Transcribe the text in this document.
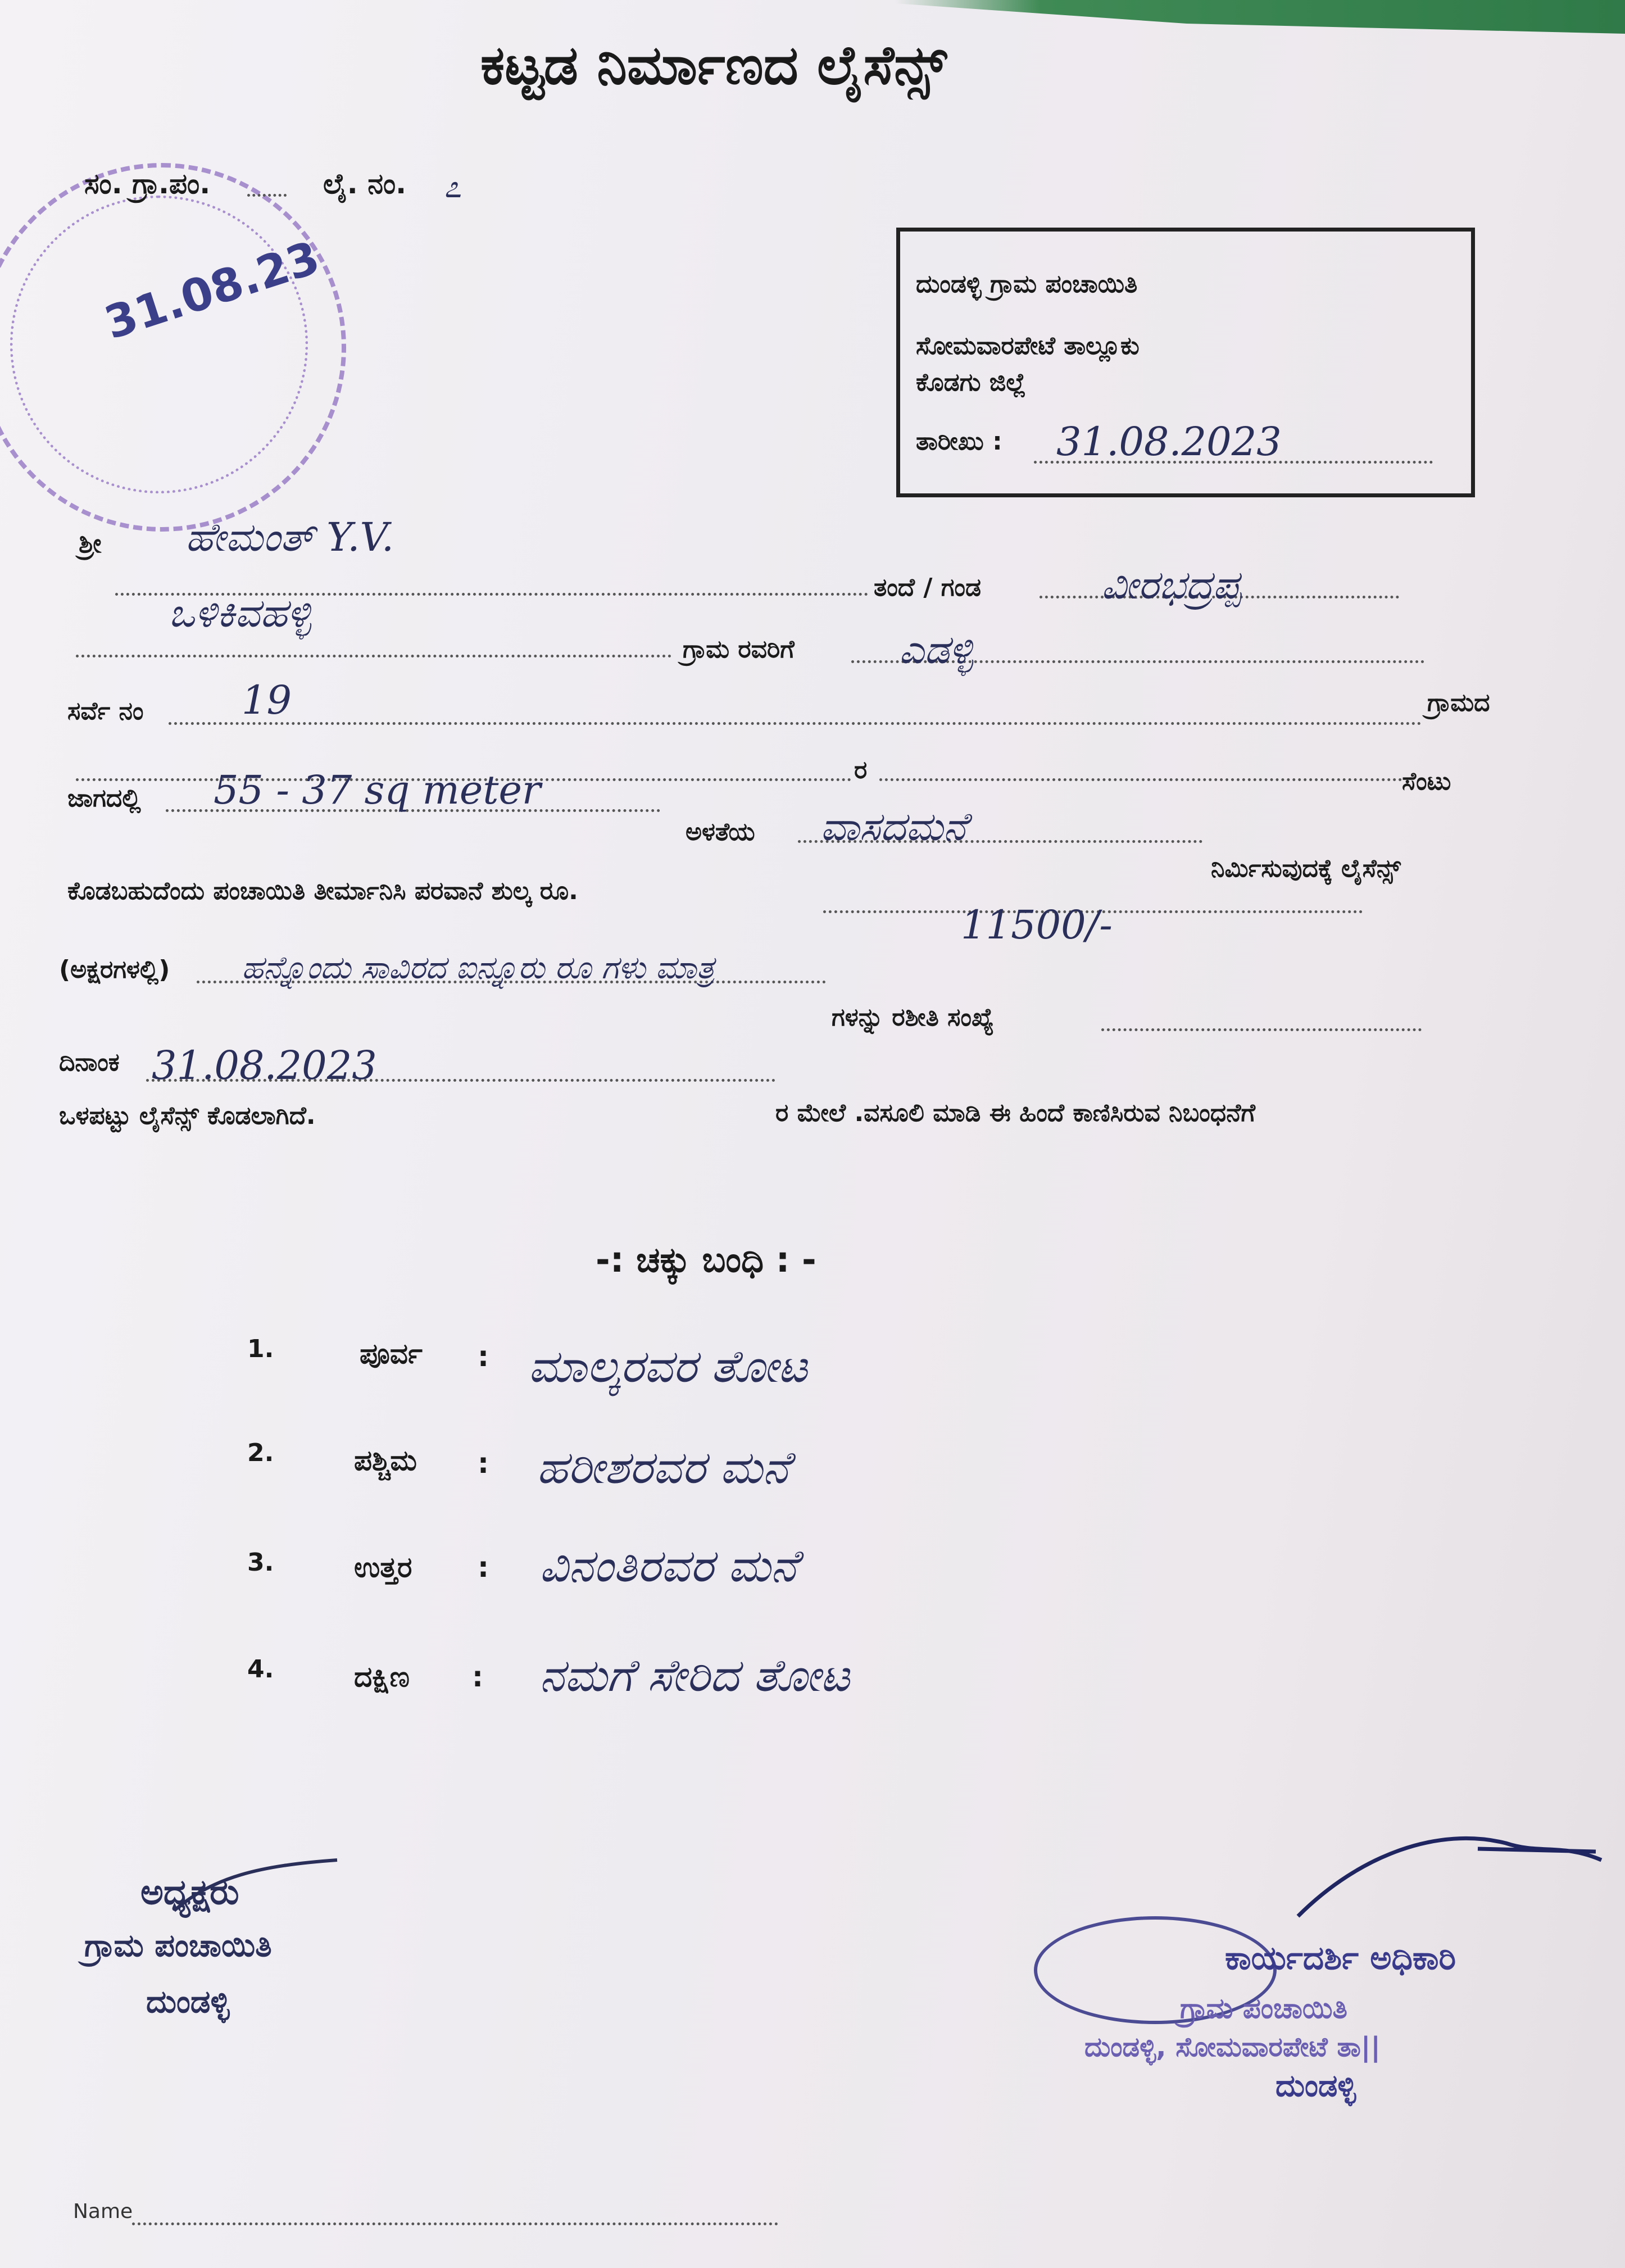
ಕಟ್ಟಡ ನಿರ್ಮಾಣದ ಲೈಸೆನ್ಸ್
31.08.23
ಸಂ. ಗ್ರಾ.ಪಂ.	ಲೈ. ನಂ. ೭
ದುಂಡಳ್ಳಿ ಗ್ರಾಮ ಪಂಚಾಯಿತಿ
ಸೋಮವಾರಪೇಟೆ ತಾಲ್ಲೂಕು
ಕೊಡಗು ಜಿಲ್ಲೆ
ತಾರೀಖು : 31.08.2023
ಶ್ರೀ ಹೇಮಂತ್ Y.V.
ತಂದೆ / ಗಂಡ	ವೀರಭದ್ರಪ್ಪ
ಒಳಿಕಿವಹಳ್ಳಿ
ಗ್ರಾಮ ರವರಿಗೆ	ಎಡಳ್ಳಿ
ಗ್ರಾಮದ
ಸರ್ವೆ ನಂ 19
ರ	ಸೆಂಟು
ಜಾಗದಲ್ಲಿ 55 - 37 sq meter
ಅಳತೆಯ ವಾಸದಮನೆ
ನಿರ್ಮಿಸುವುದಕ್ಕೆ ಲೈಸೆನ್ಸ್
ಕೊಡಬಹುದೆಂದು ಪಂಚಾಯಿತಿ ತೀರ್ಮಾನಿಸಿ ಪರವಾನೆ ಶುಲ್ಕ ರೂ.
11500/-
(ಅಕ್ಷರಗಳಲ್ಲಿ) ಹನ್ನೊಂದು ಸಾವಿರದ ಐನ್ನೂರು ರೂ ಗಳು ಮಾತ್ರ
ಗಳನ್ನು ರಶೀತಿ ಸಂಖ್ಯೆ
ದಿನಾಂಕ 31.08.2023
ರ ಮೇಲೆ .ವಸೂಲಿ ಮಾಡಿ ಈ ಹಿಂದೆ ಕಾಣಿಸಿರುವ ನಿಬಂಧನೆಗೆ
ಒಳಪಟ್ಟು ಲೈಸೆನ್ಸ್ ಕೊಡಲಾಗಿದೆ.
-: ಚಕ್ಕು ಬಂಧಿ : -
1.	ಪೂರ್ವ : ಮಾಲ್ಕರವರ ತೋಟ
2.	ಪಶ್ಚಿಮ : ಹರೀಶರವರ ಮನೆ
3.	ಉತ್ತರ : ವಿನಂತಿರವರ ಮನೆ
4.	ದಕ್ಷಿಣ : ನಮಗೆ ಸೇರಿದ ತೋಟ
ಅಧ್ಯಕ್ಷರು
ಗ್ರಾಮ ಪಂಚಾಯಿತಿ
ದುಂಡಳ್ಳಿ
ಕಾರ್ಯದರ್ಶಿ ಅಧಿಕಾರಿ
ಗ್ರಾಮ ಪಂಚಾಯಿತಿ
ದುಂಡಳ್ಳಿ, ಸೋಮವಾರಪೇಟೆ ತಾ||
ದುಂಡಳ್ಳಿ
Name
